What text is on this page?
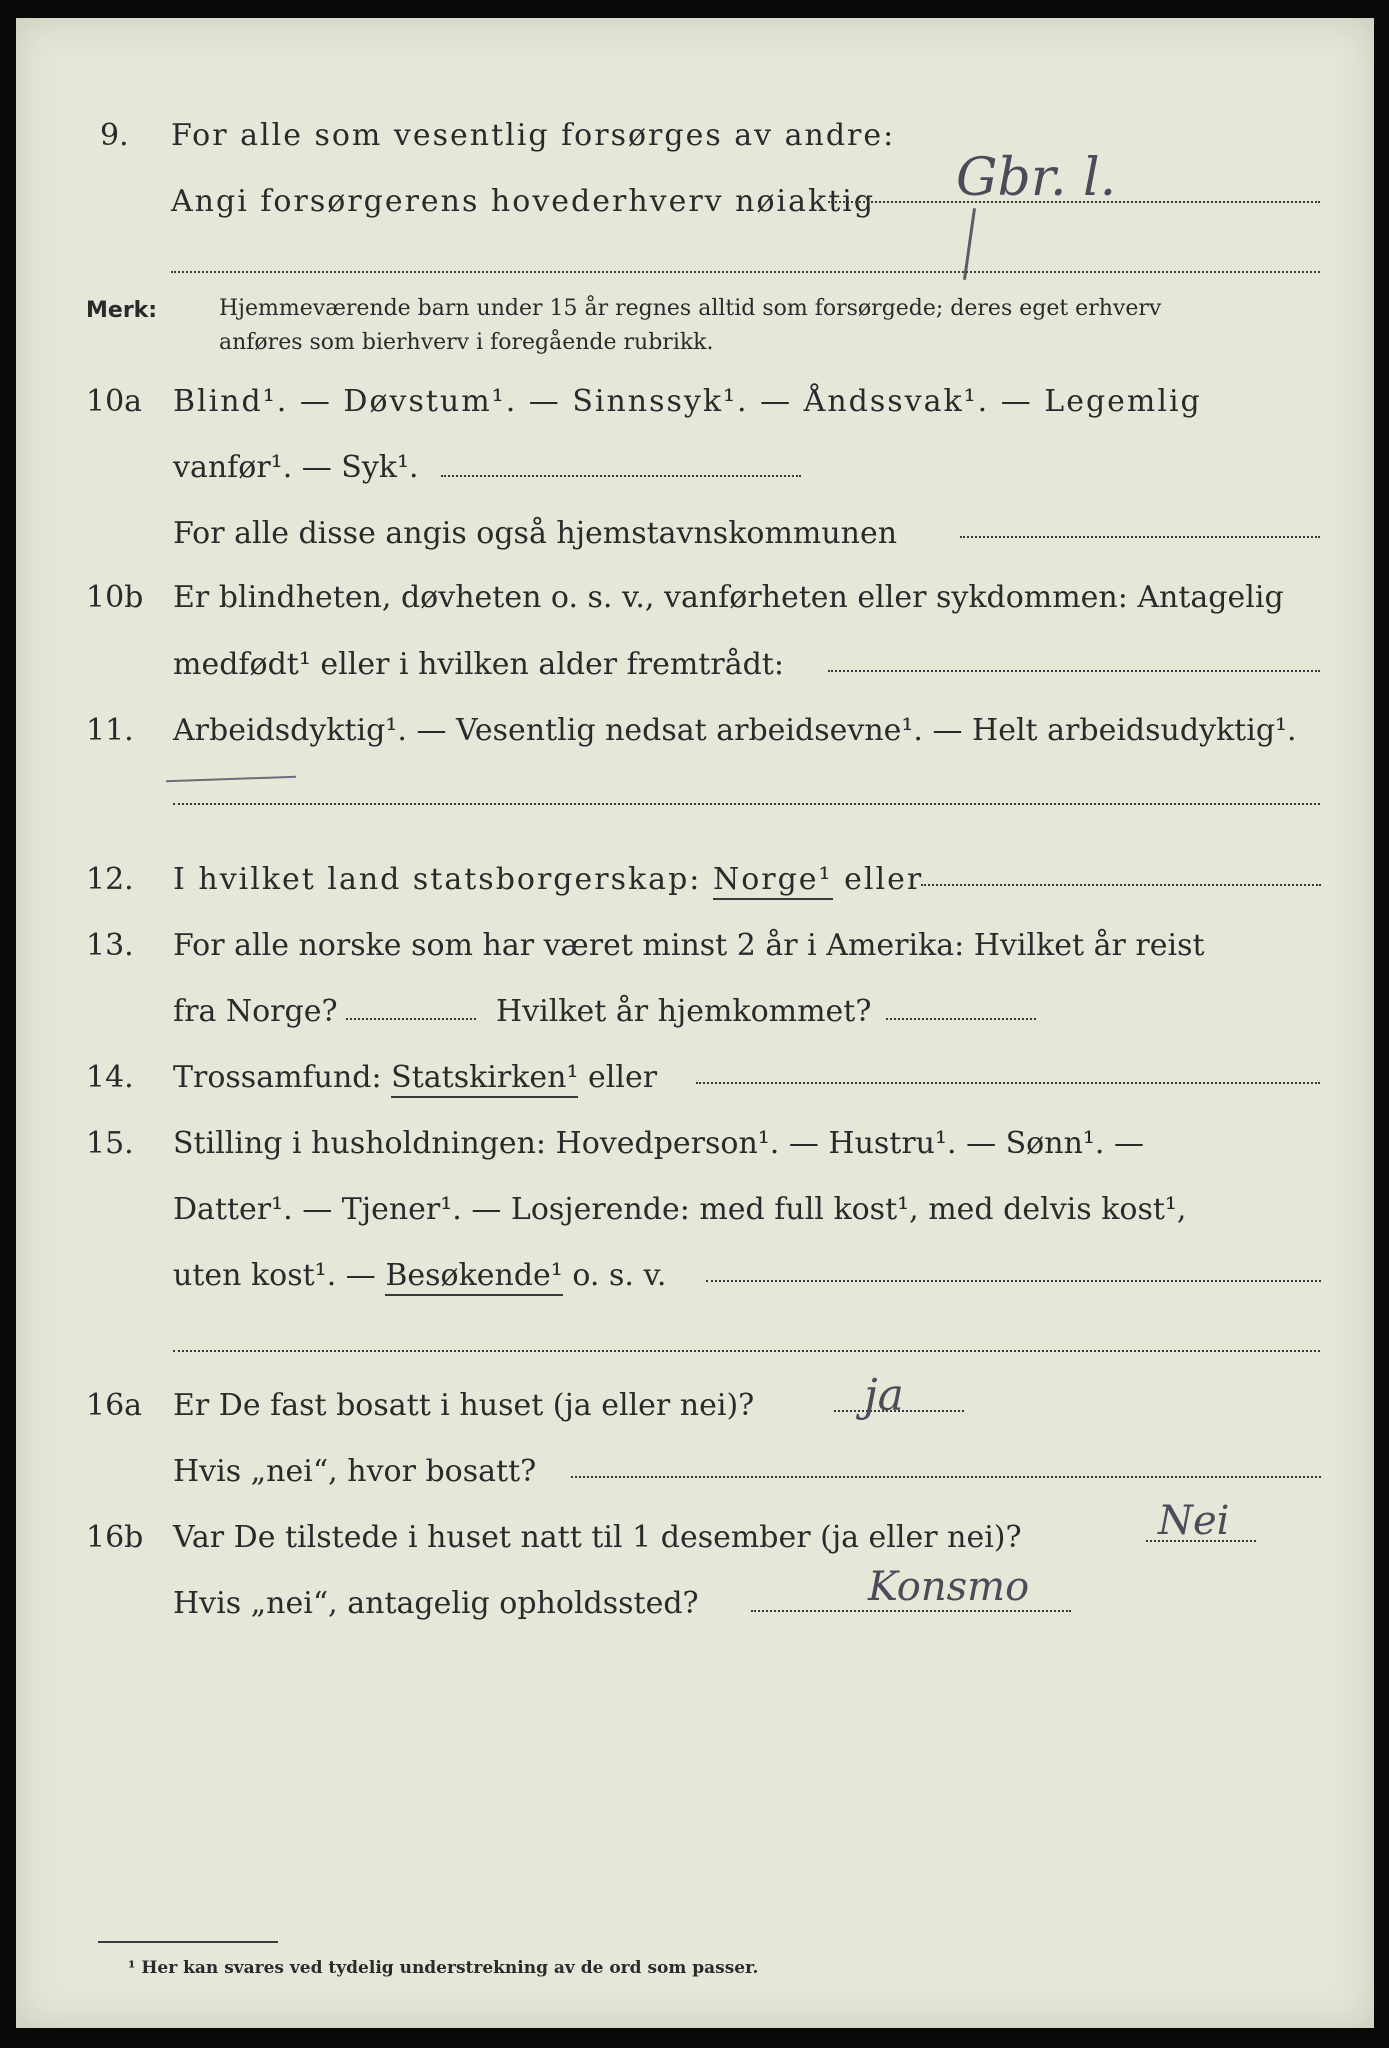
9. For alle som vesentlig forsørges av andre:
Angi forsørgerens hovederhverv nøiaktig Gbr. l.
Merk:	Hjemmeværende barn under 15 år regnes alltid som forsørgede; deres eget erhverv
anføres som bierhverv i foregående rubrikk.
10a Blind¹. — Døvstum¹. — Sinnssyk¹. — Åndssvak¹. — Legemlig
vanfør¹. — Syk¹.
For alle disse angis også hjemstavnskommunen
10b Er blindheten, døvheten o. s. v., vanførheten eller sykdommen: Antagelig
medfødt¹ eller i hvilken alder fremtrådt:
11. Arbeidsdyktig¹. — Vesentlig nedsat arbeidsevne¹. — Helt arbeidsudyktig¹.
12. I hvilket land statsborgerskap: Norge¹ eller
13. For alle norske som har været minst 2 år i Amerika: Hvilket år reist
fra Norge?	Hvilket år hjemkommet?
14. Trossamfund: Statskirken¹ eller
15. Stilling i husholdningen: Hovedperson¹. — Hustru¹. — Sønn¹. —
Datter¹. — Tjener¹. — Losjerende: med full kost¹, med delvis kost¹,
uten kost¹. — Besøkende¹ o. s. v.
16a Er De fast bosatt i huset (ja eller nei)? ja
Hvis „nei“, hvor bosatt?
16b Var De tilstede i huset natt til 1 desember (ja eller nei)?	Nei
Hvis „nei“, antagelig opholdssted?	Konsmo
¹ Her kan svares ved tydelig understrekning av de ord som passer.
